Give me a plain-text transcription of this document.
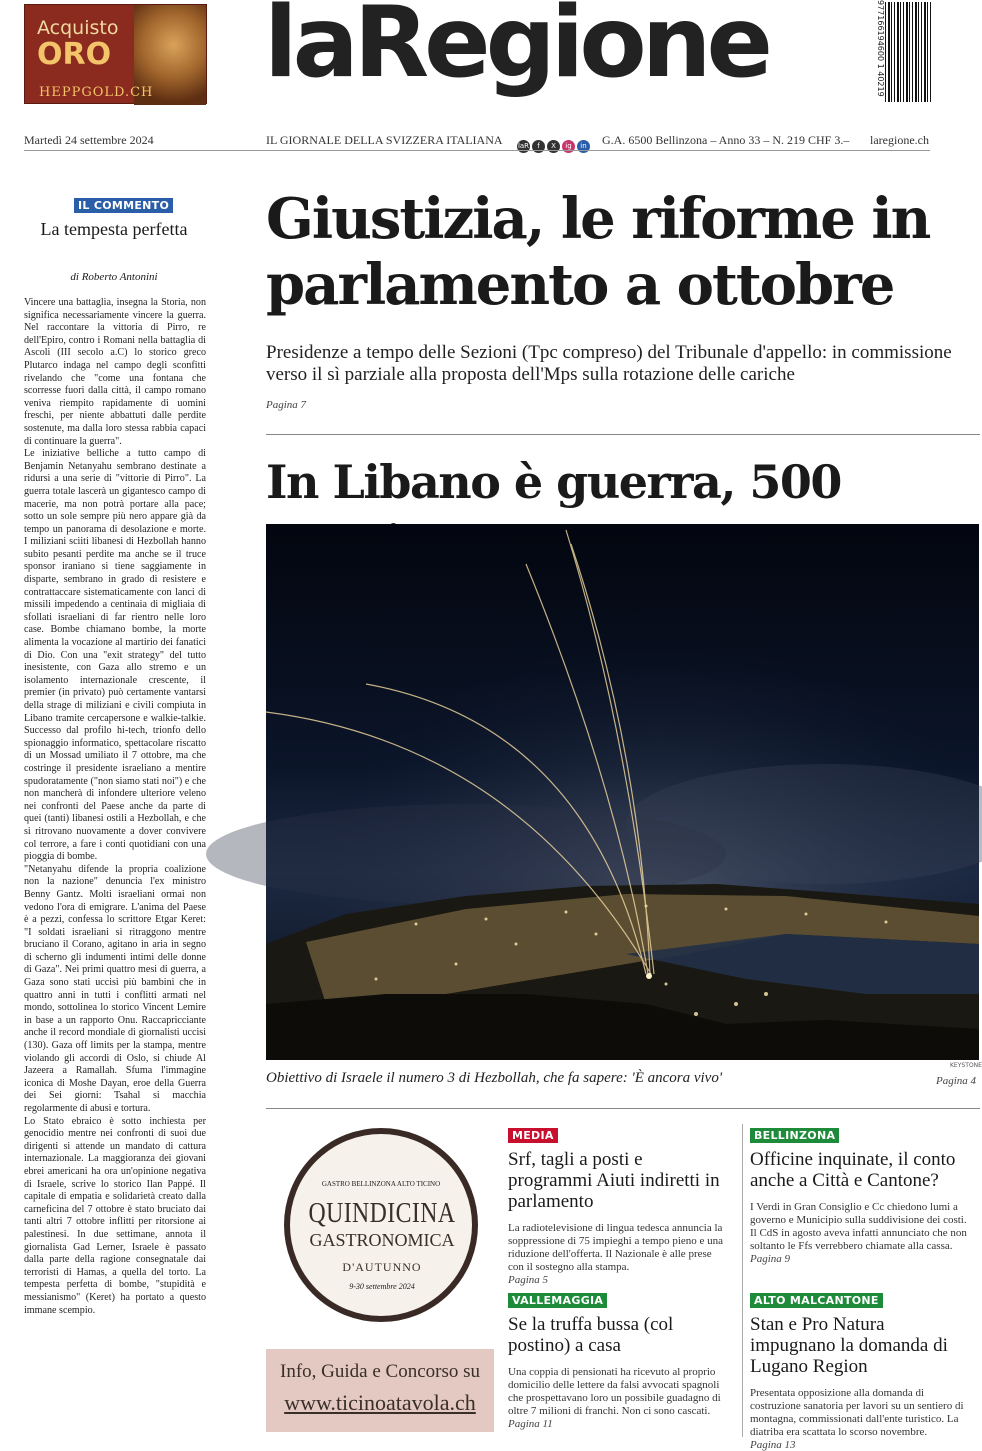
Acquisto
ORO
HEPPGOLD.CH laRegione	977166194600 1 40219
Martedì 24 settembre 2024	IL GIORNALE DELLA SVIZZERA ITALIANA laR	f	X	ig	in G.A. 6500 Bellinzona – Anno 33 – N. 219 CHF 3.– laregione.ch
IL COMMENTO
La tempesta perfetta
di Roberto Antonini

Vincere una battaglia, insegna la Storia, non significa necessariamente vincere la guerra. Nel raccontare la vittoria di Pirro, re dell'Epiro, contro i Romani nella battaglia di Ascoli (III secolo a.C) lo storico greco Plutarco indaga nel campo degli sconfitti rivelando che "come una fontana che scorresse fuori dalla città, il campo romano veniva riempito rapidamente di uomini freschi, per niente abbattuti dalle perdite sostenute, ma dalla loro stessa rabbia capaci di continuare la guerra".

Le iniziative belliche a tutto campo di Benjamin Netanyahu sembrano destinate a ridursi a una serie di "vittorie di Pirro". La guerra totale lascerà un gigantesco campo di macerie, ma non potrà portare alla pace; sotto un sole sempre più nero appare già da tempo un panorama di desolazione e morte. I miliziani sciiti libanesi di Hezbollah hanno subito pesanti perdite ma anche se il truce sponsor iraniano si tiene saggiamente in disparte, sembrano in grado di resistere e contrattaccare sistematicamente con lanci di missili impedendo a centinaia di migliaia di sfollati israeliani di far rientro nelle loro case. Bombe chiamano bombe, la morte alimenta la vocazione al martirio dei fanatici di Dio. Con una "exit strategy" del tutto inesistente, con Gaza allo stremo e un isolamento internazionale crescente, il premier (in privato) può certamente vantarsi della strage di miliziani e civili compiuta in Libano tramite cercapersone e walkie-talkie. Successo dal profilo hi-tech, trionfo dello spionaggio informatico, spettacolare riscatto di un Mossad umiliato il 7 ottobre, ma che costringe il presidente israeliano a mentire spudoratamente ("non siamo stati noi") e che non mancherà di infondere ulteriore veleno nei confronti del Paese anche da parte di quei (tanti) libanesi ostili a Hezbollah, e che si ritrovano nuovamente a dover convivere col terrore, a fare i conti quotidiani con una pioggia di bombe.

"Netanyahu difende la propria coalizione non la nazione" denuncia l'ex ministro Benny Gantz. Molti israeliani ormai non vedono l'ora di emigrare. L'anima del Paese è a pezzi, confessa lo scrittore Etgar Keret: "I soldati israeliani si ritraggono mentre bruciano il Corano, agitano in aria in segno di scherno gli indumenti intimi delle donne di Gaza". Nei primi quattro mesi di guerra, a Gaza sono stati uccisi più bambini che in quattro anni in tutti i conflitti armati nel mondo, sottolinea lo storico Vincent Lemire in base a un rapporto Onu. Raccapricciante anche il record mondiale di giornalisti uccisi (130). Gaza off limits per la stampa, mentre violando gli accordi di Oslo, si chiude Al Jazeera a Ramallah. Sfuma l'immagine iconica di Moshe Dayan, eroe della Guerra dei Sei giorni: Tsahal si macchia regolarmente di abusi e tortura.

Lo Stato ebraico è sotto inchiesta per genocidio mentre nei confronti di suoi due dirigenti si attende un mandato di cattura internazionale. La maggioranza dei giovani ebrei americani ha ora un'opinione negativa di Israele, scrive lo storico Ilan Pappé. Il capitale di empatia e solidarietà creato dalla carneficina del 7 ottobre è stato bruciato dai tanti altri 7 ottobre inflitti per ritorsione ai palestinesi. In due settimane, annota il giornalista Gad Lerner, Israele è passato dalla parte della ragione consegnatale dai terroristi di Hamas, a quella del torto. La tempesta perfetta di bombe, "stupidità e messianismo" (Keret) ha portato a questo immane scempio.

Giustizia, le riforme in parlamento a ottobre
Presidenze a tempo delle Sezioni (Tpc compreso) del Tribunale d'appello: in commissione verso il sì parziale alla proposta dell'Mps sulla rotazione delle cariche
Pagina 7
In Libano è guerra, 500
KEYSTONE
Obiettivo di Israele il numero 3 di Hezbollah, che fa sapere: 'È ancora vivo'	Pagina 4
GASTRO BELLINZONA ALTO TICINO
QUINDICINA
GASTRONOMICA
D'AUTUNNO
9-30 settembre 2024
Info, Guida e Concorso su
www.ticinoatavola.ch
MEDIA
Srf, tagli a posti e programmi Aiuti indiretti in parlamento
La radiotelevisione di lingua tedesca annuncia la soppressione di 75 impieghi a tempo pieno e una riduzione dell'offerta. Il Nazionale è alle prese con il sostegno alla stampa.
Pagina 5
BELLINZONA
Officine inquinate, il conto anche a Città e Cantone?
I Verdi in Gran Consiglio e Cc chiedono lumi a governo e Municipio sulla suddivisione dei costi. Il CdS in agosto aveva infatti annunciato che non soltanto le Ffs verrebbero chiamate alla cassa.
Pagina 9
VALLEMAGGIA
Se la truffa bussa (col postino) a casa
Una coppia di pensionati ha ricevuto al proprio domicilio delle lettere da falsi avvocati spagnoli che prospettavano loro un possibile guadagno di oltre 7 milioni di franchi. Non ci sono cascati.
Pagina 11
ALTO MALCANTONE
Stan e Pro Natura impugnano la domanda di Lugano Region
Presentata opposizione alla domanda di costruzione sanatoria per lavori su un sentiero di montagna, commissionati dall'ente turistico. La diatriba era scattata lo scorso novembre.
Pagina 13
